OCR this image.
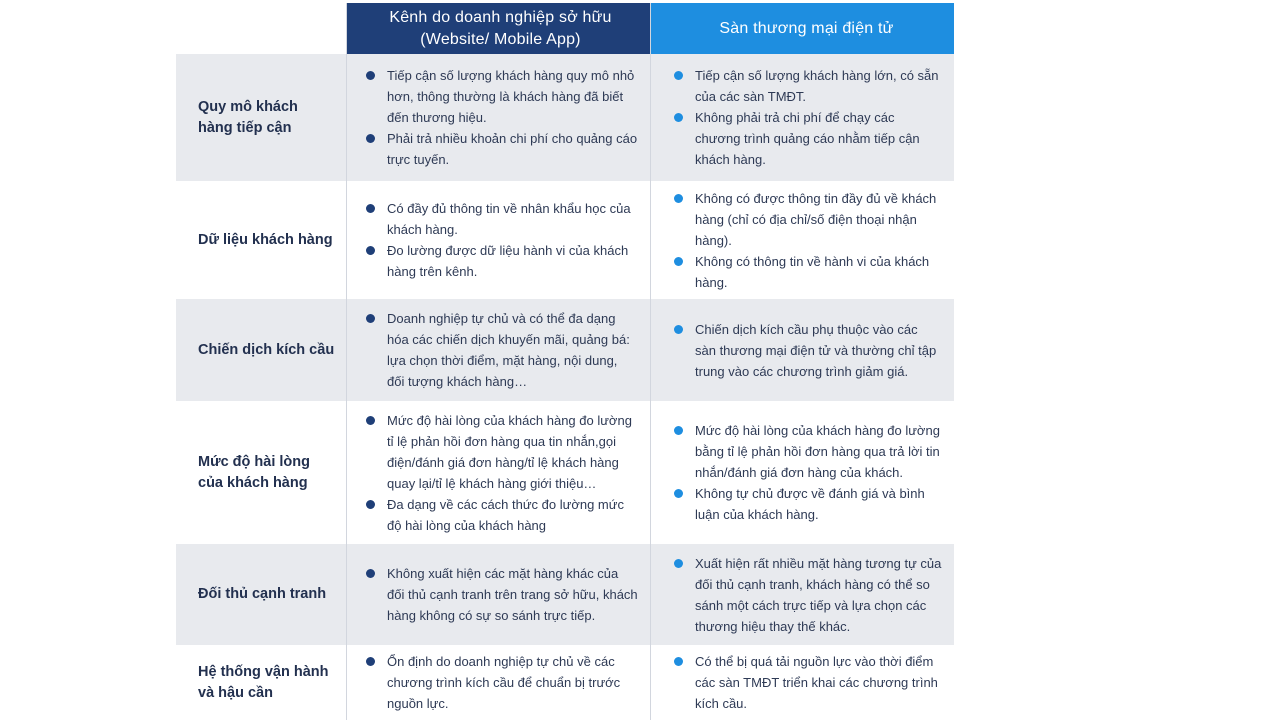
Kênh do doanh nghiệp sở hữu
(Website/ Mobile App)
Sàn thương mại điện tử
Quy mô khách hàng tiếp cận
Tiếp cận số lượng khách hàng quy mô nhỏ hơn, thông thường là khách hàng đã biết đến thương hiệu.
Phải trả nhiều khoản chi phí cho quảng cáo trực tuyến.
Tiếp cận số lượng khách hàng lớn, có sẵn của các sàn TMĐT.
Không phải trả chi phí để chạy các chương trình quảng cáo nhằm tiếp cận khách hàng.
Dữ liệu khách hàng
Có đầy đủ thông tin về nhân khẩu học của khách hàng.
Đo lường được dữ liệu hành vi của khách hàng trên kênh.
Không có được thông tin đầy đủ về khách hàng (chỉ có địa chỉ/số điện thoại nhận hàng).
Không có thông tin về hành vi của khách hàng.
Chiến dịch kích cầu
Doanh nghiệp tự chủ và có thể đa dạng hóa các chiến dịch khuyến mãi, quảng bá: lựa chọn thời điểm, mặt hàng, nội dung, đối tượng khách hàng…
Chiến dịch kích cầu phụ thuộc vào các sàn thương mại điện tử và thường chỉ tập trung vào các chương trình giảm giá.
Mức độ hài lòng của khách hàng
Mức độ hài lòng của khách hàng đo lường tỉ lệ phản hồi đơn hàng qua tin nhắn,gọi điện/đánh giá đơn hàng/tỉ lệ khách hàng quay lại/tỉ lệ khách hàng giới thiệu…
Đa dạng về các cách thức đo lường mức độ hài lòng của khách hàng
Mức độ hài lòng của khách hàng đo lường bằng tỉ lệ phản hồi đơn hàng qua trả lời tin nhắn/đánh giá đơn hàng của khách.
Không tự chủ được về đánh giá và bình luận của khách hàng.
Đối thủ cạnh tranh
Không xuất hiện các mặt hàng khác của đối thủ cạnh tranh trên trang sở hữu, khách hàng không có sự so sánh trực tiếp.
Xuất hiện rất nhiều mặt hàng tương tự của đối thủ cạnh tranh, khách hàng có thể so sánh một cách trực tiếp và lựa chọn các thương hiệu thay thế khác.
Hệ thống vận hành và hậu cần
Ổn định do doanh nghiệp tự chủ về các chương trình kích cầu để chuẩn bị trước nguồn lực.
Có thể bị quá tải nguồn lực vào thời điểm các sàn TMĐT triển khai các chương trình kích cầu.
